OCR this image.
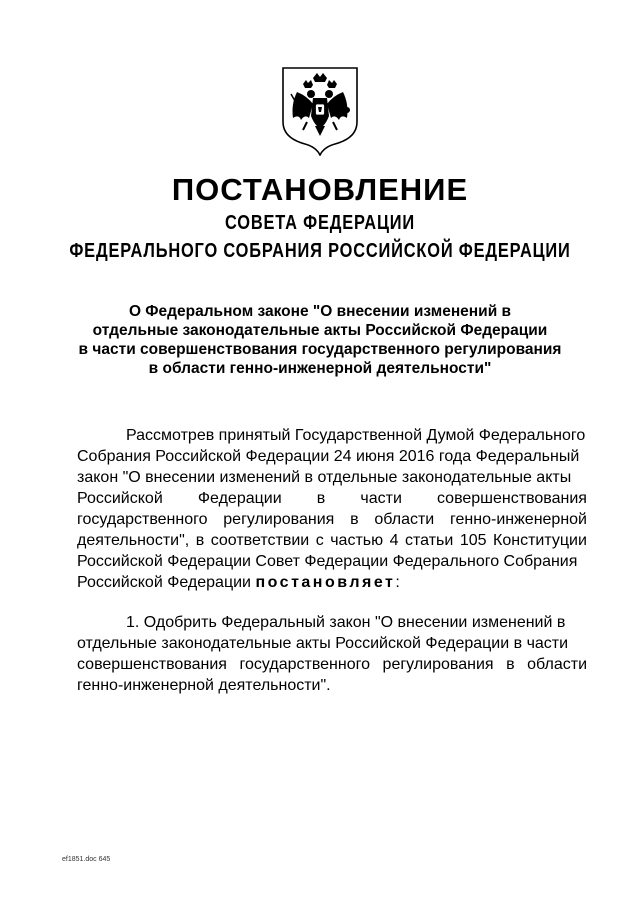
ПОСТАНОВЛЕНИЕ
СОВЕТА ФЕДЕРАЦИИ
ФЕДЕРАЛЬНОГО СОБРАНИЯ РОССИЙСКОЙ ФЕДЕРАЦИИ
О Федеральном законе "О внесении изменений в
отдельные законодательные акты Российской Федерации
в части совершенствования государственного регулирования
в области генно-инженерной деятельности"
Рассмотрев принятый Государственной Думой Федерального
Собрания Российской Федерации 24 июня 2016 года Федеральный
закон "О внесении изменений в отдельные законодательные акты
Российской Федерации в части совершенствования
государственного регулирования в области генно-инженерной
деятельности", в соответствии с частью 4 статьи 105 Конституции
Российской Федерации Совет Федерации Федерального Собрания
Российской Федерации постановляет:
1. Одобрить Федеральный закон "О внесении изменений в
отдельные законодательные акты Российской Федерации в части
совершенствования государственного регулирования в области
генно-инженерной деятельности".
ef1851.doc 645
